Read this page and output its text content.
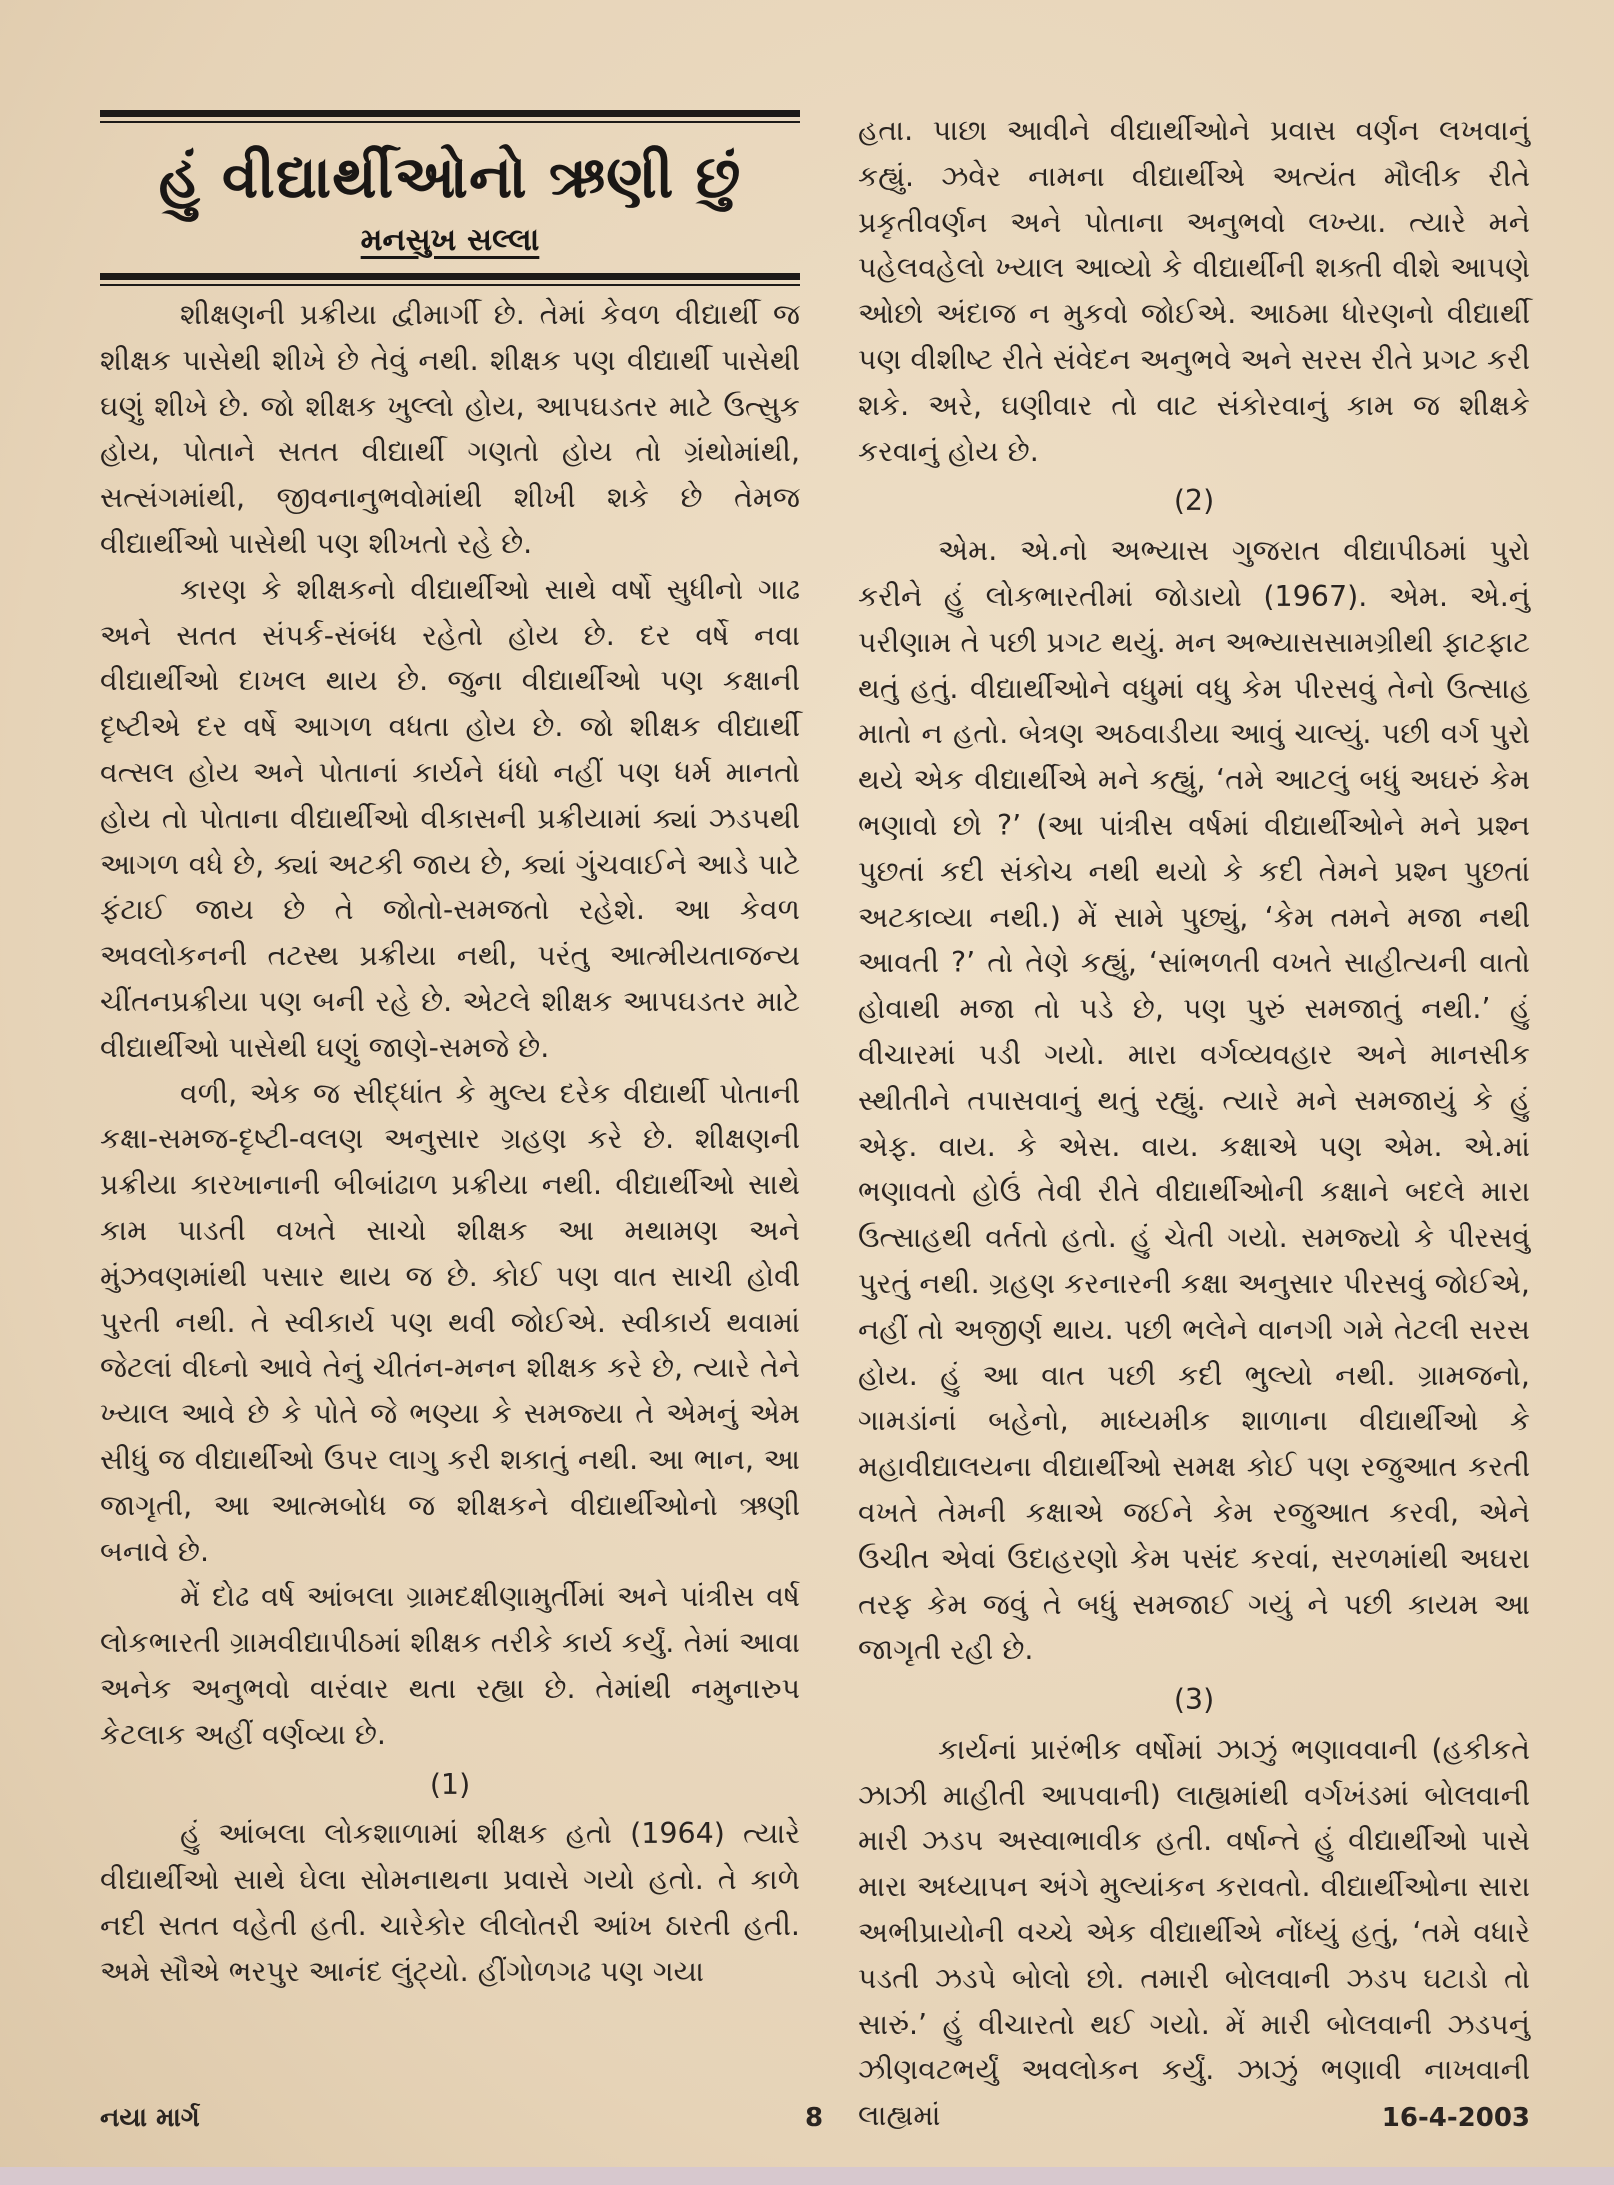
હું વીદ્યાર્થીઓનો ઋણી છું
મનસુખ સલ્લા

શીક્ષણની પ્રક્રીયા દ્વીમાર્ગી છે. તેમાં કેવળ વીદ્યાર્થી જ શીક્ષક પાસેથી શીખે છે તેવું નથી. શીક્ષક પણ વીદ્યાર્થી પાસેથી ઘણું શીખે છે. જો શીક્ષક ખુલ્લો હોય, આપઘડતર માટે ઉત્સુક હોય, પોતાને સતત વીદ્યાર્થી ગણતો હોય તો ગ્રંથોમાંથી, સત્સંગમાંથી, જીવનાનુભવોમાંથી શીખી શકે છે તેમજ વીદ્યાર્થીઓ પાસેથી પણ શીખતો રહે છે.

કારણ કે શીક્ષકનો વીદ્યાર્થીઓ સાથે વર્ષો સુધીનો ગાઢ અને સતત સંપર્ક-સંબંધ રહેતો હોય છે. દર વર્ષે નવા વીદ્યાર્થીઓ દાખલ થાય છે. જુના વીદ્યાર્થીઓ પણ કક્ષાની દૃષ્ટીએ દર વર્ષે આગળ વધતા હોય છે. જો શીક્ષક વીદ્યાર્થી વત્સલ હોય અને પોતાનાં કાર્યને ધંધો નહીં પણ ધર્મ માનતો હોય તો પોતાના વીદ્યાર્થીઓ વીકાસની પ્રક્રીયામાં ક્યાં ઝડપથી આગળ વધે છે, ક્યાં અટકી જાય છે, ક્યાં ગુંચવાઈને આડે પાટે ફંટાઈ જાય છે તે જોતો-સમજતો રહેશે. આ કેવળ અવલોકનની તટસ્થ પ્રક્રીયા નથી, પરંતુ આત્મીયતાજન્ય ચીંતનપ્રક્રીયા પણ બની રહે છે. એટલે શીક્ષક આપઘડતર માટે વીદ્યાર્થીઓ પાસેથી ઘણું જાણે-સમજે છે.

વળી, એક જ સીદ્ધાંત કે મુલ્ય દરેક વીદ્યાર્થી પોતાની કક્ષા-સમજ-દૃષ્ટી-વલણ અનુસાર ગ્રહણ કરે છે. શીક્ષણની પ્રક્રીયા કારખાનાની બીબાંઢાળ પ્રક્રીયા નથી. વીદ્યાર્થીઓ સાથે કામ પાડતી વખતે સાચો શીક્ષક આ મથામણ અને મુંઝવણમાંથી પસાર થાય જ છે. કોઈ પણ વાત સાચી હોવી પુરતી નથી. તે સ્વીકાર્ય પણ થવી જોઈએ. સ્વીકાર્ય થવામાં જેટલાં વીઘ્નો આવે તેનું ચીતંન-મનન શીક્ષક કરે છે, ત્યારે તેને ખ્યાલ આવે છે કે પોતે જે ભણ્યા કે સમજ્યા તે એમનું એમ સીધું જ વીદ્યાર્થીઓ ઉપર લાગુ કરી શકાતું નથી. આ ભાન, આ જાગૃતી, આ આત્મબોધ જ શીક્ષકને વીદ્યાર્થીઓનો ઋણી બનાવે છે.

મેં દોઢ વર્ષ આંબલા ગ્રામદક્ષીણામુર્તીમાં અને પાંત્રીસ વર્ષ લોકભારતી ગ્રામવીદ્યાપીઠમાં શીક્ષક તરીકે કાર્ય કર્યું. તેમાં આવા અનેક અનુભવો વારંવાર થતા રહ્યા છે. તેમાંથી નમુનારુપ કેટલાક અહીં વર્ણવ્યા છે.

(1)

હું આંબલા લોકશાળામાં શીક્ષક હતો (1964) ત્યારે વીદ્યાર્થીઓ સાથે ઘેલા સોમનાથના પ્રવાસે ગયો હતો. તે કાળે નદી સતત વહેતી હતી. ચારેકોર લીલોતરી આંખ ઠારતી હતી. અમે સૌએ ભરપુર આનંદ લુંટ્યો. હીંગોળગઢ પણ ગયા

હતા. પાછા આવીને વીદ્યાર્થીઓને પ્રવાસ વર્ણન લખવાનું કહ્યું. ઝવેર નામના વીદ્યાર્થીએ અત્યંત મૌલીક રીતે પ્રકૃતીવર્ણન અને પોતાના અનુભવો લખ્યા. ત્યારે મને પહેલવહેલો ખ્યાલ આવ્યો કે વીદ્યાર્થીની શક્તી વીશે આપણે ઓછો અંદાજ ન મુકવો જોઈએ. આઠમા ધોરણનો વીદ્યાર્થી પણ વીશીષ્ટ રીતે સંવેદન અનુભવે અને સરસ રીતે પ્રગટ કરી શકે. અરે, ઘણીવાર તો વાટ સંકોરવાનું કામ જ શીક્ષકે કરવાનું હોય છે.

(2)

એમ. એ.નો અભ્યાસ ગુજરાત વીદ્યાપીઠમાં પુરો કરીને હું લોકભારતીમાં જોડાયો (1967). એમ. એ.નું પરીણામ તે પછી પ્રગટ થયું. મન અભ્યાસસામગ્રીથી ફાટફાટ થતું હતું. વીદ્યાર્થીઓને વધુમાં વધુ કેમ પીરસવું તેનો ઉત્સાહ માતો ન હતો. બેત્રણ અઠવાડીયા આવું ચાલ્યું. પછી વર્ગ પુરો થયે એક વીદ્યાર્થીએ મને કહ્યું, ‘તમે આટલું બધું અઘરું કેમ ભણાવો છો ?’ (આ પાંત્રીસ વર્ષમાં વીદ્યાર્થીઓને મને પ્રશ્ન પુછતાં કદી સંકોચ નથી થયો કે કદી તેમને પ્રશ્ન પુછતાં અટકાવ્યા નથી.) મેં સામે પુછ્યું, ‘કેમ તમને મજા નથી આવતી ?’ તો તેણે કહ્યું, ‘સાંભળતી વખતે સાહીત્યની વાતો હોવાથી મજા તો પડે છે, પણ પુરું સમજાતું નથી.’ હું વીચારમાં પડી ગયો. મારા વર્ગવ્યવહાર અને માનસીક સ્થીતીને તપાસવાનું થતું રહ્યું. ત્યારે મને સમજાયું કે હું એફ. વાય. કે એસ. વાય. કક્ષાએ પણ એમ. એ.માં ભણાવતો હોઉં તેવી રીતે વીદ્યાર્થીઓની કક્ષાને બદલે મારા ઉત્સાહથી વર્તતો હતો. હું ચેતી ગયો. સમજ્યો કે પીરસવું પુરતું નથી. ગ્રહણ કરનારની કક્ષા અનુસાર પીરસવું જોઈએ, નહીં તો અજીર્ણ થાય. પછી ભલેને વાનગી ગમે તેટલી સરસ હોય. હું આ વાત પછી કદી ભુલ્યો નથી. ગ્રામજનો, ગામડાંનાં બહેનો, માધ્યમીક શાળાના વીદ્યાર્થીઓ કે મહાવીદ્યાલયના વીદ્યાર્થીઓ સમક્ષ કોઈ પણ રજુઆત કરતી વખતે તેમની કક્ષાએ જઈને કેમ રજુઆત કરવી, એને ઉચીત એવાં ઉદાહરણો કેમ પસંદ કરવાં, સરળમાંથી અઘરા તરફ કેમ જવું તે બધું સમજાઈ ગયું ને પછી કાયમ આ જાગૃતી રહી છે.

(3)

કાર્યનાં પ્રારંભીક વર્ષોમાં ઝાઝું ભણાવવાની (હકીકતે ઝાઝી માહીતી આપવાની) લાહ્યમાંથી વર્ગખંડમાં બોલવાની મારી ઝડપ અસ્વાભાવીક હતી. વર્ષાન્તે હું વીદ્યાર્થીઓ પાસે મારા અધ્યાપન અંગે મુલ્યાંકન કરાવતો. વીદ્યાર્થીઓના સારા અભીપ્રાયોની વચ્ચે એક વીદ્યાર્થીએ નોંધ્યું હતું, ‘તમે વધારે પડતી ઝડપે બોલો છો. તમારી બોલવાની ઝડપ ઘટાડો તો સારું.’ હું વીચારતો થઈ ગયો. મેં મારી બોલવાની ઝડપનું ઝીણવટભર્યું અવલોકન કર્યું. ઝાઝું ભણાવી નાખવાની લાહ્યમાં

નયા માર્ગ	8	16-4-2003
